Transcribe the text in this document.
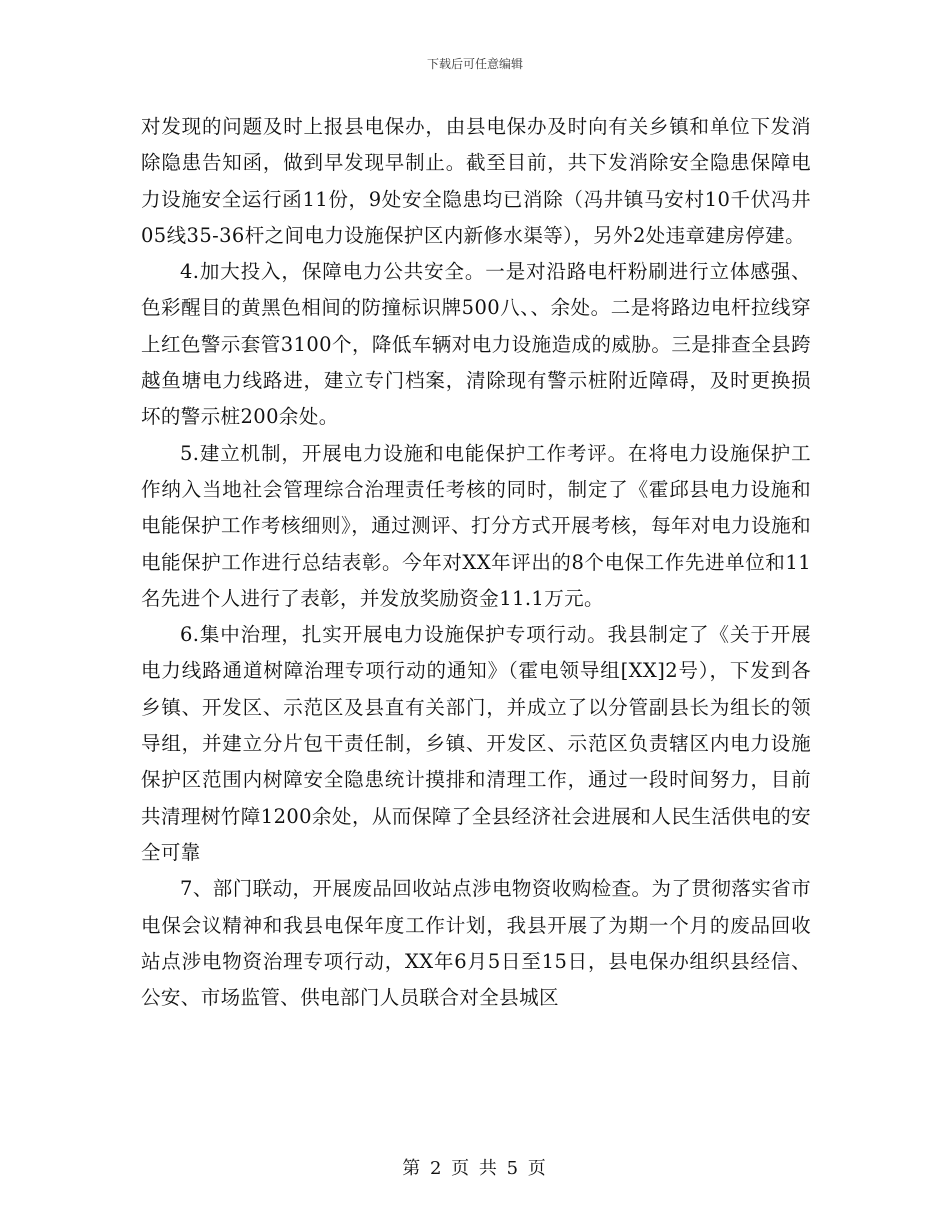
下载后可任意编辑

对发现的问题及时上报县电保办，由县电保办及时向有关乡镇和单位下发消除隐患告知函，做到早发现早制止。截至目前，共下发消除安全隐患保障电力设施安全运行函11份，9处安全隐患均已消除（冯井镇马安村10千伏冯井05线35-36杆之间电力设施保护区内新修水渠等），另外2处违章建房停建。

4.加大投入，保障电力公共安全。一是对沿路电杆粉刷进行立体感强、色彩醒目的黄黑色相间的防撞标识牌500八、、余处。二是将路边电杆拉线穿上红色警示套管3100个，降低车辆对电力设施造成的威胁。三是排查全县跨越鱼塘电力线路进，建立专门档案，清除现有警示桩附近障碍，及时更换损坏的警示桩200余处。

5.建立机制，开展电力设施和电能保护工作考评。在将电力设施保护工作纳入当地社会管理综合治理责任考核的同时，制定了《霍邱县电力设施和电能保护工作考核细则》，通过测评、打分方式开展考核，每年对电力设施和电能保护工作进行总结表彰。今年对XX年评出的8个电保工作先进单位和11名先进个人进行了表彰，并发放奖励资金11.1万元。

6.集中治理，扎实开展电力设施保护专项行动。我县制定了《关于开展电力线路通道树障治理专项行动的通知》（霍电领导组[XX]2号），下发到各乡镇、开发区、示范区及县直有关部门，并成立了以分管副县长为组长的领导组，并建立分片包干责任制，乡镇、开发区、示范区负责辖区内电力设施保护区范围内树障安全隐患统计摸排和清理工作，通过一段时间努力，目前共清理树竹障1200余处，从而保障了全县经济社会进展和人民生活供电的安全可靠

7、部门联动，开展废品回收站点涉电物资收购检查。为了贯彻落实省市电保会议精神和我县电保年度工作计划，我县开展了为期一个月的废品回收站点涉电物资治理专项行动，XX年6月5日至15日，县电保办组织县经信、公安、市场监管、供电部门人员联合对全县城区

第 2 页 共 5 页
